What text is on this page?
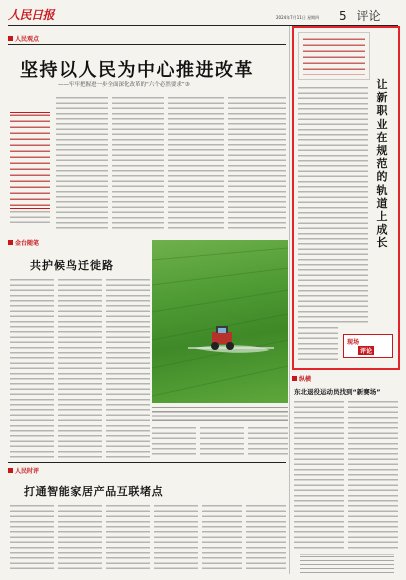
人民日报	2024年7月11日 星期四 5 评论
人民观点
坚持以人民为中心推进改革
——牢牢把握进一步全面深化改革的“六个必然要求”③	让新职业在规范的轨道上成长
现场
评论
金台随笔
共护候鸟迁徙路
人民时评
打通智能家居产品互联堵点
纵横
东北退役运动员找到“新赛场”
